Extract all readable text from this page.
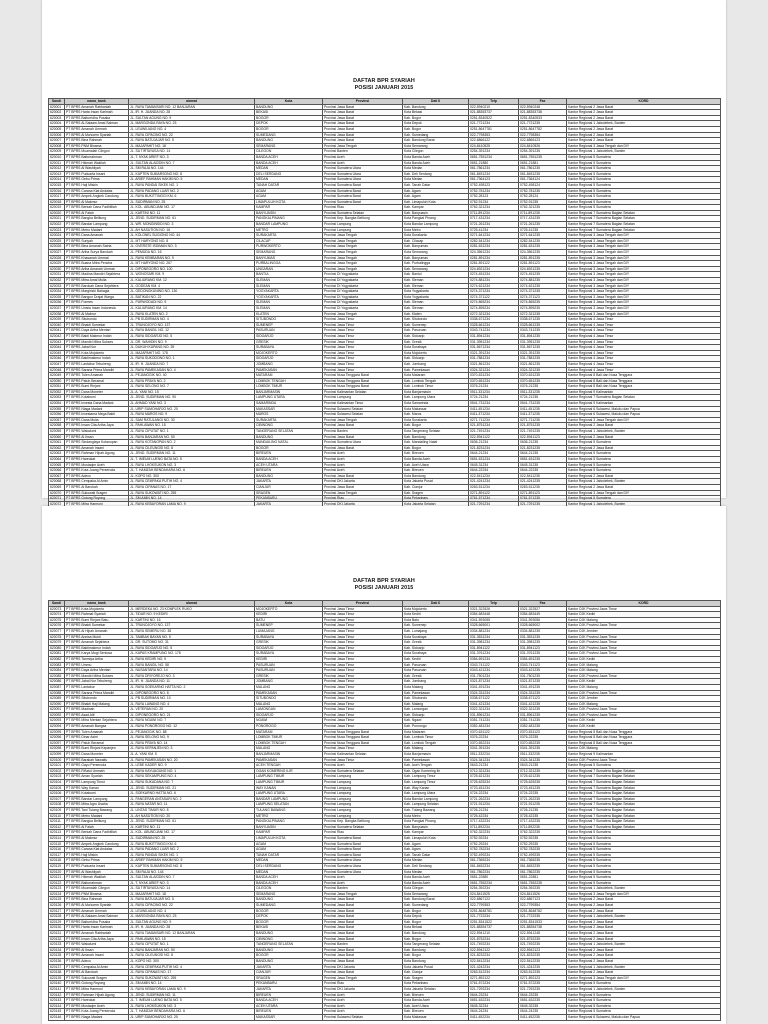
DAFTAR BPR SYARIAH
POSISI JANUARI 2015
Sandi	nama_bank	alamat	Kota	Provinsi	Dati II	Telp	Fax	KORD
620001	PT BPRS Amanah Rabbaniah	JL. RAYA TAMANSARI NO. 12 BANJARAN	BANDUNG	Provinsi Jawa Barat	Kab. Bandung	022-5940210	022-5940248	Kantor Regional 2 Jawa Barat
620002	PT BPRS Harta Insan Karimah	JL. IR. H. JUANDA NO. 28	BEKASI	Provinsi Jawa Barat	Kota Bekasi	021-88353737	021-88353738	Kantor Regional 2 Jawa Barat
620003	PT BPRS Baiturridha Pusaka	JL. SULTAN AGUNG NO. 9	BOGOR	Provinsi Jawa Barat	Kab. Bogor	0251-8340522	0251-8340533	Kantor Regional 2 Jawa Barat
620004	PT BPRS Al-Salaam Amal Salman	JL. MARGONDA RAYA NO. 23	DEPOK	Provinsi Jawa Barat	Kota Depok	021-7721234	021-7721235	Kantor Regional 1 Jabodebek, Banten
620005	PT BPRS Amanah Ummah	JL. LEUWILIANG NO. 4	BOGOR	Provinsi Jawa Barat	Kab. Bogor	0251-8647781	0251-8647782	Kantor Regional 2 Jawa Barat
620006	PT BPRS Al Ma'soem Syariah	JL. RAYA CIPACING NO. 22	SUMEDANG	Provinsi Jawa Barat	Kab. Sumedang	022-7798353	022-7798354	Kantor Regional 2 Jawa Barat
620007	PT BPRS Bina Rahmah	JL. RAYA BATUJAJAR NO. 5	BANDUNG	Provinsi Jawa Barat	Kab. Bandung Barat	022-6866122	022-6866123	Kantor Regional 2 Jawa Barat
620008	PT BPRS PNM Binama	JL. MAJAPAHIT NO. 18	SEMARANG	Provinsi Jawa Tengah	Kota Semarang	024-8410525	024-8410526	Kantor Regional 3 Jawa Tengah dan DIY
620009	PT BPRS Muamalah Cilegon	JL. SA TIRTAYASA NO. 14	CILEGON	Provinsi Banten	Kota Cilegon	0254-391234	0254-391235	Kantor Regional 1 Jabodebek, Banten
620010	PT BPRS Baiturrahman	JL. T. NYAK ARIEF NO. 3	BANDA ACEH	Provinsi Aceh	Kota Banda Aceh	0651-7551234	0651-7551235	Kantor Regional 5 Sumatera
620011	PT BPRS Hikmah Wakilah	JL. SULTAN ALAIDDIN NO. 7	BANDA ACEH	Provinsi Aceh	Kota Banda Aceh	0651-21880	0651-21881	Kantor Regional 5 Sumatera
620012	PT BPRS Al Washliyah	JL. SM RAJA NO. 144	MEDAN	Provinsi Sumatera Utara	Kota Medan	061-7861234	061-7861235	Kantor Regional 5 Sumatera
620013	PT BPRS Puduarta Insani	JL. KAPTEN SUMARSONO NO. 8	DELI SERDANG	Provinsi Sumatera Utara	Kab. Deli Serdang	061-8451234	061-8451235	Kantor Regional 5 Sumatera
620014	PT BPRS Gebu Prima	JL. ARIEF RAHMAN HAKIM NO. 5	MEDAN	Provinsi Sumatera Utara	Kota Medan	061-7364123	061-7364124	Kantor Regional 5 Sumatera
620015	PT BPRS Haji Miskin	JL. RAYA PANDAI SIKEK NO. 1	TANAH DATAR	Provinsi Sumatera Barat	Kab. Tanah Datar	0752-498123	0752-498124	Kantor Regional 5 Sumatera
620016	PT BPRS Carana Kiat Andalas	JL. RAYA PADANG LUAR NO. 2	AGAM	Provinsi Sumatera Barat	Kab. Agam	0752-781234	0752-781235	Kantor Regional 5 Sumatera
620017	PT BPRS Ampek Angkek Candung	JL. RAYA BUKITTINGGI KM. 6	AGAM	Provinsi Sumatera Barat	Kab. Agam	0752-28123	0752-28124	Kantor Regional 5 Sumatera
620018	PT BPRS Al Makmur	JL. SUDIRMAN NO. 25	LIMAPULUH KOTA	Provinsi Sumatera Barat	Kab. Limapuluh Kota	0752-91234	0752-91235	Kantor Regional 5 Sumatera
620019	PT BPRS Berkah Dana Fadhlillah	JL. KOL. ABUNDJANI NO. 17	KAMPAR	Provinsi Riau	Kab. Kampar	0762-321234	0762-321235	Kantor Regional 5 Sumatera
620020	PT BPRS Al Falah	JL. KARTINI NO. 11	BANYUASIN	Provinsi Sumatera Selatan	Kab. Banyuasin	0711-891234	0711-891235	Kantor Regional 7 Sumatera Bagian Selatan
620021	PT BPRS Bangka Belitung	JL. JEND. SUDIRMAN NO. 61	PANGKALPINANG	Provinsi Kep. Bangka Belitung	Kota Pangkal Pinang	0717-431234	0717-431235	Kantor Regional 7 Sumatera Bagian Selatan
620022	PT BPRS Bandar Lampung	JL. WR. MONGINSIDI NO. 3	BANDAR LAMPUNG	Provinsi Lampung	Kota Bandar Lampung	0721-261234	0721-261235	Kantor Regional 7 Sumatera Bagian Selatan
620023	PT BPRS Metro Madani	JL. AH NASUTION NO. 16	METRO	Provinsi Lampung	Kota Metro	0725-41234	0725-41235	Kantor Regional 7 Sumatera Bagian Selatan
620024	PT BPRS Dana Amanah	JL. KOLONEL SUGIONO NO. 44	SURAKARTA	Provinsi Jawa Tengah	Kota Surakarta	0271-641234	0271-641235	Kantor Regional 3 Jawa Tengah dan DIY
620025	PT BPRS Suriyah	JL. MT HARYONO NO. 8	CILACAP	Provinsi Jawa Tengah	Kab. Cilacap	0282-541234	0282-541235	Kantor Regional 3 Jawa Tengah dan DIY
620026	PT BPRS Bina Amanah Satria	JL. OVERSTE ISDIMAN NO. 3	PURWOKERTO	Provinsi Jawa Tengah	Kab. Banyumas	0281-631234	0281-631235	Kantor Regional 3 Jawa Tengah dan DIY
620027	PT BPRS Artha Surya Barokah	JL. PEMUDA NO. 16	SEMARANG	Provinsi Jawa Tengah	Kota Semarang	024-3561234	024-3561235	Kantor Regional 3 Jawa Tengah dan DIY
620028	PT BPRS Khasanah Ummat	JL. RAYA KEMBARAN NO. 9	BANYUMAS	Provinsi Jawa Tengah	Kab. Banyumas	0281-891234	0281-891235	Kantor Regional 3 Jawa Tengah dan DIY
620029	PT BPRS Buana Mitra Perwira	JL. MT HARYONO NO. 267	PURBALINGGA	Provinsi Jawa Tengah	Kab. Purbalingga	0281-891122	0281-891123	Kantor Regional 3 Jawa Tengah dan DIY
620030	PT BPRS Artha Amanah Ummat	JL. DIPONEGORO NO. 100	UNGARAN	Provinsi Jawa Tengah	Kab. Semarang	024-6921234	024-6921235	Kantor Regional 3 Jawa Tengah dan DIY
620031	PT BPRS Madina Mandiri Sejahtera	JL. WONOSARI KM. 9	BANTUL	Provinsi DI Yogyakarta	Kab. Bantul	0274-451234	0274-451235	Kantor Regional 3 Jawa Tengah dan DIY
620032	PT BPRS Mitra Amal Mulia	JL. KALIURANG KM. 12	SLEMAN	Provinsi DI Yogyakarta	Kab. Sleman	0274-881234	0274-881235	Kantor Regional 3 Jawa Tengah dan DIY
620033	PT BPRS Barokah Dana Sejahtera	JL. GODEAN KM. 4	SLEMAN	Provinsi DI Yogyakarta	Kab. Sleman	0274-621234	0274-621235	Kantor Regional 3 Jawa Tengah dan DIY
620034	PT BPRS Margirizki Bahagia	JL. GEDONGKUNING NO. 130	YOGYAKARTA	Provinsi DI Yogyakarta	Kota Yogyakarta	0274-371234	0274-371235	Kantor Regional 3 Jawa Tengah dan DIY
620035	PT BPRS Bangun Drajat Warga	JL. BATIKAN NO. 22	YOGYAKARTA	Provinsi DI Yogyakarta	Kota Yogyakarta	0274-371122	0274-371123	Kantor Regional 3 Jawa Tengah dan DIY
620036	PT BPRS Formes	JL. PURWODADI NO. 9	SLEMAN	Provinsi DI Yogyakarta	Kab. Sleman	0274-865234	0274-865235	Kantor Regional 3 Jawa Tengah dan DIY
620037	PT BPRS Unisia Insan Indonesia	JL. KALIURANG KM. 14	SLEMAN	Provinsi DI Yogyakarta	Kab. Sleman	0274-895234	0274-895235	Kantor Regional 3 Jawa Tengah dan DIY
620038	PT BPRS Al Mabrur	JL. RAYA KLATEN NO. 2	KLATEN	Provinsi Jawa Tengah	Kab. Klaten	0272-321234	0272-321235	Kantor Regional 3 Jawa Tengah dan DIY
620039	PT BPRS Situbondo	JL. PB SUDIRMAN NO. 4	SITUBONDO	Provinsi Jawa Timur	Kab. Situbondo	0338-671234	0338-671235	Kantor Regional 4 Jawa Timur
620040	PT BPRS Bhakti Sumekar	JL. TRUNOJOYO NO. 137	SUMENEP	Provinsi Jawa Timur	Kab. Sumenep	0328-661234	0328-661235	Kantor Regional 4 Jawa Timur
620041	PT BPRS Daya Artha Mentari	JL. RAYA BANGIL NO. 12	PASURUAN	Provinsi Jawa Timur	Kab. Pasuruan	0343-741234	0343-741235	Kantor Regional 4 Jawa Timur
620042	PT BPRS Bakti Makmur Indah	JL. RAYA SIDOARJO NO. 5	SIDOARJO	Provinsi Jawa Timur	Kab. Sidoarjo	031-8941234	031-8941235	Kantor Regional 4 Jawa Timur
620043	PT BPRS Mandiri Mitra Sukses	JL. DR. WAHIDIN NO. 9	GRESIK	Provinsi Jawa Timur	Kab. Gresik	031-3951234	031-3951235	Kantor Regional 4 Jawa Timur
620044	PT BPRS Jabal Nur	JL. DUKUH KUPANG NO. 39	SURABAYA	Provinsi Jawa Timur	Kota Surabaya	031-5671234	031-5671235	Kantor Regional 4 Jawa Timur
620045	PT BPRS Kota Mojokerto	JL. MAJAPAHIT NO. 178	MOJOKERTO	Provinsi Jawa Timur	Kota Mojokerto	0321-391234	0321-391235	Kantor Regional 4 Jawa Timur
620046	PT BPRS Baktimakmur Indah	JL. RAYA SUKODONO NO. 1	SIDOARJO	Provinsi Jawa Timur	Kab. Sidoarjo	031-7881234	031-7881235	Kantor Regional 4 Jawa Timur
620047	PT BPRS Lantabur Tebuireng	JL. IR. H. JUANDA NO. 7	JOMBANG	Provinsi Jawa Timur	Kab. Jombang	0321-861234	0321-861235	Kantor Regional 4 Jawa Timur
620048	PT BPRS Sarana Prima Mandiri	JL. RAYA PAMEKASAN NO. 4	PAMEKASAN	Provinsi Jawa Timur	Kab. Pamekasan	0324-321234	0324-321235	Kantor Regional 4 Jawa Timur
620049	PT BPRS Tulen Amanah	JL. PEJANGGIK NO. 40	MATARAM	Provinsi Nusa Tenggara Barat	Kota Mataram	0370-631234	0370-631235	Kantor Regional 8 Bali dan Nusa Tenggara
620050	PT BPRS Patuh Beramal	JL. RAYA PRAYA NO. 2	LOMBOK TENGAH	Provinsi Nusa Tenggara Barat	Kab. Lombok Tengah	0370-651234	0370-651235	Kantor Regional 8 Bali dan Nusa Tenggara
620051	PT BPRS Bumi Rinjani	JL. RAYA SELONG NO. 7	LOMBOK TIMUR	Provinsi Nusa Tenggara Barat	Kab. Lombok Timur	0376-21234	0376-21235	Kantor Regional 8 Bali dan Nusa Tenggara
620052	PT BPRS Dana Moneter	JL. A. YANI NO. 15	BANJARMASIN	Provinsi Kalimantan Selatan	Kota Banjarmasin	0511-331234	0511-331235	Kantor Regional 9 Kalimantan
620053	PT BPRS Kotabumi	JL. JEND. SUDIRMAN NO. 90	LAMPUNG UTARA	Provinsi Lampung	Kab. Lampung Utara	0724-21234	0724-21235	Kantor Regional 7 Sumatera Bagian Selatan
620054	PT BPRS Investa Dana Madani	JL. AHMAD YANI NO. 3	SAMARINDA	Provinsi Kalimantan Timur	Kota Samarinda	0541-731234	0541-731235	Kantor Regional 9 Kalimantan
620055	PT BPRS Niaga Madani	JL. URIP SUMOHARJO NO. 20	MAKASSAR	Provinsi Sulawesi Selatan	Kota Makassar	0411-451234	0411-451235	Kantor Regional 6 Sulawesi, Maluku dan Papua
620056	PT BPRS Investama Mega Bakti	JL. RAYA MAROS NO. 9	MAROS	Provinsi Sulawesi Selatan	Kab. Maros	0411-371234	0411-371235	Kantor Regional 6 Sulawesi, Maluku dan Papua
620057	PT BPRS Dana Mulia	JL. SAM RATULANGI NO. 30	SURAKARTA	Provinsi Jawa Tengah	Kota Surakarta	0271-711234	0271-711235	Kantor Regional 3 Jawa Tengah dan DIY
620058	PT BPRS Insan Cita Artha Jaya	JL. PAHLAWAN NO. 15	CIBINONG	Provinsi Jawa Barat	Kab. Bogor	021-8751234	021-8751235	Kantor Regional 2 Jawa Barat
620059	PT BPRS Wakalumi	JL. RAYA CIPUTAT NO. 1	TANGERANG SELATAN	Provinsi Banten	Kota Tangerang Selatan	021-7491234	021-7491235	Kantor Regional 1 Jabodebek, Banten
620060	PT BPRS Al Ihsan	JL. RAYA BANJARAN NO. 50	BANDUNG	Provinsi Jawa Barat	Kab. Bandung	022-5941122	022-5941123	Kantor Regional 2 Jawa Barat
620061	PT BPRS Sindanglaya Kotanopan	JL. RAYA KOTANOPAN NO. 2	MANDAILING NATAL	Provinsi Sumatera Utara	Kab. Mandailing Natal	0636-21234	0636-21235	Kantor Regional 5 Sumatera
620062	PT BPRS Amanah Insani	JL. RAYA CILEUNGSI NO. 8	BOGOR	Provinsi Jawa Barat	Kab. Bogor	021-8231234	021-8231235	Kantor Regional 2 Jawa Barat
620063	PT BPRS Rahman Hijrah Agung	JL. JEND. SUDIRMAN NO. 11	BIREUEN	Provinsi Aceh	Kab. Bireuen	0644-21234	0644-21235	Kantor Regional 5 Sumatera
620064	PT BPRS Hareukat	JL. T. IMEUM LUENG BATA NO. 5	BANDA ACEH	Provinsi Aceh	Kota Banda Aceh	0651-631234	0651-631235	Kantor Regional 5 Sumatera
620065	PT BPRS Mustaqim Aceh	JL. RAYA LHOKSUKON NO. 3	ACEH UTARA	Provinsi Aceh	Kab. Aceh Utara	0645-31234	0645-31235	Kantor Regional 5 Sumatera
620066	PT BPRS Kota Juang Perseroda	JL. T. HAMZAH BENDAHARA NO. 6	BIREUEN	Provinsi Aceh	Kab. Bireuen	0644-22234	0644-22235	Kantor Regional 5 Sumatera
620067	PT BPRS Adeco	JL. KOPO NO. 300	BANDUNG	Provinsi Jawa Barat	Kota Bandung	022-5411234	022-5411235	Kantor Regional 2 Jawa Barat
620068	PT BPRS Cempaka Al Amin	JL. RAYA CEMPAKA PUTIH NO. 4	JAKARTA	Provinsi DKI Jakarta	Kota Jakarta Pusat	021-4241234	021-4241235	Kantor Regional 1 Jabodebek, Banten
620069	PT BPRS Al Barokah	JL. RAYA CIPANAS NO. 17	CIANJUR	Provinsi Jawa Barat	Kab. Cianjur	0263-511234	0263-511235	Kantor Regional 2 Jawa Barat
620070	PT BPRS Sukowati Sragen	JL. RAYA SUKOWATI NO. 255	SRAGEN	Provinsi Jawa Tengah	Kab. Sragen	0271-891122	0271-891123	Kantor Regional 3 Jawa Tengah dan DIY
620071	PT BPRS Gotong Royong	JL. SM AMIN NO. 14	PEKANBARU	Provinsi Riau	Kota Pekanbaru	0761-571234	0761-571235	Kantor Regional 5 Sumatera
620072	PT BPRS Mitra Harmoni	JL. RAYA KEBAYORAN LAMA NO. 9	JAKARTA	Provinsi DKI Jakarta	Kota Jakarta Selatan	021-7291234	021-7291235	Kantor Regional 1 Jabodebek, Banten
DAFTAR BPR SYARIAH
POSISI JANUARI 2015
Sandi	nama_bank	alamat	Kota	Provinsi	Dati II	Telp	Fax	KORD
620073	PT BPRS Kota Mojokerto	JL. MERDEKA NO. 23 KOMPLEK RUKO	MOJOKERTO	Provinsi Jawa Timur	Kota Mojokerto	0321-322526	0321-322527	Kantor OJK Provinsi Jawa Timur
620074	PT BPRS Rahmat Syariah	JL. TIDAR NO. 9 KEDIRI	KEDIRI	Provinsi Jawa Timur	Kota Kediri	0354-683448	0354-683449	Kantor OJK Kediri
620075	PT BPRS Bumi Rinjani Batu	JL. KARTINI NO. 16	BATU	Provinsi Jawa Timur	Kota Batu	0341-593055	0341-593056	Kantor OJK Malang
620076	PT BPRS Bhakti Sumekar	JL. TRUNOJOYO NO. 137	SUMENEP	Provinsi Jawa Timur	Kab. Sumenep	0328-665001	0328-665002	Kantor OJK Provinsi Jawa Timur
620077	PT BPRS Al Hijrah Amanah	JL. RAYA SEMERU NO. 38	LUMAJANG	Provinsi Jawa Timur	Kab. Lumajang	0334-881234	0334-881235	Kantor OJK Jember
620078	PT BPRS Annisa Mukti	JL. TAMBAK BAYAN NO. 5	SURABAYA	Provinsi Jawa Timur	Kota Surabaya	031-3531234	031-3531235	Kantor OJK Provinsi Jawa Timur
620079	PT BPRS Amanah Sejahtera	JL. DR. SUTOMO NO. 31	GRESIK	Provinsi Jawa Timur	Kab. Gresik	031-3981234	031-3981235	Kantor OJK Provinsi Jawa Timur
620080	PT BPRS Baktimakmur Indah	JL. RAYA SIDOARJO NO. 5	SIDOARJO	Provinsi Jawa Timur	Kab. Sidoarjo	031-8941122	031-8941123	Kantor OJK Provinsi Jawa Timur
620081	PT BPRS Karya Mugi Sentosa	JL. KAPAS KRAMPUNG NO. 178	SURABAYA	Provinsi Jawa Timur	Kota Surabaya	031-3761234	031-3761235	Kantor OJK Provinsi Jawa Timur
620082	PT BPRS Tanmiya Artha	JL. RAYA KEDIRI NO. 9	KEDIRI	Provinsi Jawa Timur	Kab. Kediri	0354-691234	0354-691235	Kantor OJK Kediri
620083	PT BPRS Ummu	JL. RAYA BANGIL NO. 58	PASURUAN	Provinsi Jawa Timur	Kab. Pasuruan	0343-741122	0343-741123	Kantor OJK Malang
620084	PT BPRS Daya Artha Mentari	JL. NUSANTARA NO. 14	PASURUAN	Provinsi Jawa Timur	Kota Pasuruan	0343-421234	0343-421235	Kantor OJK Malang
620085	PT BPRS Mandiri Mitra Sukses	JL. RAYA DRIYOREJO NO. 3	GRESIK	Provinsi Jawa Timur	Kab. Gresik	031-7501234	031-7501235	Kantor OJK Provinsi Jawa Timur
620086	PT BPRS Jabal Nur Tebuireng	JL. IR. H. JUANDA NO. 11	JOMBANG	Provinsi Jawa Timur	Kab. Jombang	0321-871234	0321-871235	Kantor OJK Kediri
620087	PT BPRS Lantabur	JL. RAYA SOEKARNO HATTA NO. 2	MALANG	Provinsi Jawa Timur	Kota Malang	0341-491234	0341-491235	Kantor OJK Malang
620088	PT BPRS Sarana Prima Mandiri	JL. DIPONEGORO NO. 8	PAMEKASAN	Provinsi Jawa Timur	Kab. Pamekasan	0324-331234	0324-331235	Kantor OJK Provinsi Jawa Timur
620089	PT BPRS Situbondo	JL. PB SUDIRMAN NO. 10	SITUBONDO	Provinsi Jawa Timur	Kab. Situbondo	0338-671122	0338-671123	Kantor OJK Jember
620090	PT BPRS Bhakti Haji Malang	JL. RAYA LAWANG NO. 4	MALANG	Provinsi Jawa Timur	Kab. Malang	0341-421234	0341-421235	Kantor OJK Malang
620091	PT BPRS Madinah	JL. VETERAN NO. 20	LAMONGAN	Provinsi Jawa Timur	Kab. Lamongan	0322-321234	0322-321235	Kantor OJK Provinsi Jawa Timur
620092	PT BPRS Asad Alif	JL. DIPONEGORO NO. 21	SIDOARJO	Provinsi Jawa Timur	Kab. Sidoarjo	031-8961234	031-8961235	Kantor OJK Provinsi Jawa Timur
620093	PT BPRS Mitra Mentari Sejahtera	JL. RAYA NGAWI NO. 7	NGAWI	Provinsi Jawa Timur	Kab. Ngawi	0351-741234	0351-741235	Kantor OJK Kediri
620094	PT BPRS Amanah Bangsa	JL. RAYA PONOROGO NO. 12	PONOROGO	Provinsi Jawa Timur	Kab. Ponorogo	0352-481234	0352-481235	Kantor OJK Kediri
620095	PT BPRS Tulen Amanah	JL. PEJANGGIK NO. 88	MATARAM	Provinsi Nusa Tenggara Barat	Kota Mataram	0370-631122	0370-631123	Kantor Regional 8 Bali dan Nusa Tenggara
620096	PT BPRS Dinar Ashri	JL. RAYA SELONG NO. 9	LOMBOK TIMUR	Provinsi Nusa Tenggara Barat	Kab. Lombok Timur	0376-22234	0376-22235	Kantor Regional 8 Bali dan Nusa Tenggara
620097	PT BPRS Patuh Beramal	JL. RAYA PRAYA NO. 14	LOMBOK TENGAH	Provinsi Nusa Tenggara Barat	Kab. Lombok Tengah	0370-652234	0370-652235	Kantor Regional 8 Bali dan Nusa Tenggara
620098	PT BPRS Bumi Rinjani Kepanjen	JL. RAYA KEPANJEN NO. 3	MALANG	Provinsi Jawa Timur	Kab. Malang	0341-391234	0341-391235	Kantor OJK Malang
620099	PT BPRS Dana Moneter	JL. A. YANI KM. 5	BANJARMASIN	Provinsi Kalimantan Selatan	Kota Banjarmasin	0511-332234	0511-332235	Kantor Regional 9 Kalimantan
620100	PT BPRS Barakah Nawaitu	JL. RAYA PAMEKASAN NO. 20	PAMEKASAN	Provinsi Jawa Timur	Kab. Pamekasan	0324-341234	0324-341235	Kantor OJK Provinsi Jawa Timur
620101	PT BPRS Gayo Perseroda	JL. LEBE KADER NO. 9	ACEH TENGAH	Provinsi Aceh	Kab. Aceh Tengah	0643-21234	0643-21235	Kantor Regional 5 Sumatera
620102	PT BPRS Rif'atul Ummah	JL. RAYA KAYUAGUNG NO. 1	OGAN KOMERING ILIR	Provinsi Sumatera Selatan	Kab. Ogan Komering Ilir	0712-321234	0712-321235	Kantor Regional 7 Sumatera Bagian Selatan
620103	PT BPRS Aman Syariah	JL. RAYA SEKAMPUNG NO. 4	LAMPUNG TIMUR	Provinsi Lampung	Kab. Lampung Timur	0725-621234	0725-621235	Kantor Regional 7 Sumatera Bagian Selatan
620104	PT BPRS Lampung Timur	JL. RAYA SUKADANA NO. 7	LAMPUNG TIMUR	Provinsi Lampung	Kab. Lampung Timur	0725-625234	0725-625235	Kantor Regional 7 Sumatera Bagian Selatan
620105	PT BPRS Way Kanan	JL. JEND. SUDIRMAN NO. 21	WAY KANAN	Provinsi Lampung	Kab. Way Kanan	0723-451234	0723-451235	Kantor Regional 7 Sumatera Bagian Selatan
620106	PT BPRS Kotabumi	JL. SOEKARNO HATTA NO. 6	LAMPUNG UTARA	Provinsi Lampung	Kab. Lampung Utara	0724-22234	0724-22235	Kantor Regional 7 Sumatera Bagian Selatan
620107	PT BPRS Bandar Lampung	JL. PANGERAN ANTASARI NO. 2	BANDAR LAMPUNG	Provinsi Lampung	Kota Bandar Lampung	0721-262234	0721-262235	Kantor Regional 7 Sumatera Bagian Selatan
620108	PT BPRS Mitra Agro Usaha	JL. RAYA NATAR NO. 11	LAMPUNG SELATAN	Provinsi Lampung	Kab. Lampung Selatan	0721-911234	0721-911235	Kantor Regional 7 Sumatera Bagian Selatan
620109	PT BPRS Tani Tulang Bawang	JL. LINTAS TIMUR NO. 8	TULANG BAWANG	Provinsi Lampung	Kab. Tulang Bawang	0726-21234	0726-21235	Kantor Regional 7 Sumatera Bagian Selatan
620110	PT BPRS Metro Madani	JL. AH NASUTION NO. 20	METRO	Provinsi Lampung	Kota Metro	0725-42234	0725-42235	Kantor Regional 7 Sumatera Bagian Selatan
620111	PT BPRS Bangka Belitung	JL. JEND. SUDIRMAN NO. 61	PANGKALPINANG	Provinsi Kep. Bangka Belitung	Kota Pangkal Pinang	0717-432234	0717-432235	Kantor Regional 7 Sumatera Bagian Selatan
620112	PT BPRS Al Falah	JL. KARTINI NO. 11	BANYUASIN	Provinsi Sumatera Selatan	Kab. Banyuasin	0711-892234	0711-892235	Kantor Regional 7 Sumatera Bagian Selatan
620113	PT BPRS Berkah Dana Fadhlillah	JL. KOL. ABUNDJANI NO. 17	KAMPAR	Provinsi Riau	Kab. Kampar	0762-322234	0762-322235	Kantor Regional 5 Sumatera
620114	PT BPRS Al Makmur	JL. SUDIRMAN NO. 25	LIMAPULUH KOTA	Provinsi Sumatera Barat	Kab. Limapuluh Kota	0752-92234	0752-92235	Kantor Regional 5 Sumatera
620115	PT BPRS Ampek Angkek Candung	JL. RAYA BUKITTINGGI KM. 6	AGAM	Provinsi Sumatera Barat	Kab. Agam	0752-29234	0752-29235	Kantor Regional 5 Sumatera
620116	PT BPRS Carana Kiat Andalas	JL. RAYA PADANG LUAR NO. 2	AGAM	Provinsi Sumatera Barat	Kab. Agam	0752-782234	0752-782235	Kantor Regional 5 Sumatera
620117	PT BPRS Haji Miskin	JL. RAYA PANDAI SIKEK NO. 1	TANAH DATAR	Provinsi Sumatera Barat	Kab. Tanah Datar	0752-499234	0752-499235	Kantor Regional 5 Sumatera
620118	PT BPRS Gebu Prima	JL. ARIEF RAHMAN HAKIM NO. 5	MEDAN	Provinsi Sumatera Utara	Kota Medan	061-7365234	061-7365235	Kantor Regional 5 Sumatera
620119	PT BPRS Puduarta Insani	JL. KAPTEN SUMARSONO NO. 8	DELI SERDANG	Provinsi Sumatera Utara	Kab. Deli Serdang	061-8452234	061-8452235	Kantor Regional 5 Sumatera
620120	PT BPRS Al Washliyah	JL. SM RAJA NO. 144	MEDAN	Provinsi Sumatera Utara	Kota Medan	061-7862234	061-7862235	Kantor Regional 5 Sumatera
620121	PT BPRS Hikmah Wakilah	JL. SULTAN ALAIDDIN NO. 7	BANDA ACEH	Provinsi Aceh	Kota Banda Aceh	0651-22880	0651-22881	Kantor Regional 5 Sumatera
620122	PT BPRS Baiturrahman	JL. T. NYAK ARIEF NO. 3	BANDA ACEH	Provinsi Aceh	Kota Banda Aceh	0651-7552234	0651-7552235	Kantor Regional 5 Sumatera
620123	PT BPRS Muamalah Cilegon	JL. SA TIRTAYASA NO. 14	CILEGON	Provinsi Banten	Kota Cilegon	0254-392234	0254-392235	Kantor Regional 1 Jabodebek, Banten
620124	PT BPRS PNM Binama	JL. MAJAPAHIT NO. 18	SEMARANG	Provinsi Jawa Tengah	Kota Semarang	024-8411525	024-8411526	Kantor Regional 3 Jawa Tengah dan DIY
620125	PT BPRS Bina Rahmah	JL. RAYA BATUJAJAR NO. 5	BANDUNG	Provinsi Jawa Barat	Kab. Bandung Barat	022-6867122	022-6867123	Kantor Regional 2 Jawa Barat
620126	PT BPRS Al Ma'soem Syariah	JL. RAYA CIPACING NO. 22	SUMEDANG	Provinsi Jawa Barat	Kab. Sumedang	022-7799353	022-7799354	Kantor Regional 2 Jawa Barat
620127	PT BPRS Amanah Ummah	JL. LEUWILIANG NO. 4	BOGOR	Provinsi Jawa Barat	Kab. Bogor	0251-8648781	0251-8648782	Kantor Regional 2 Jawa Barat
620128	PT BPRS Al-Salaam Amal Salman	JL. MARGONDA RAYA NO. 23	DEPOK	Provinsi Jawa Barat	Kota Depok	021-7722234	021-7722235	Kantor Regional 1 Jabodebek, Banten
620129	PT BPRS Baiturridha Pusaka	JL. SULTAN AGUNG NO. 9	BOGOR	Provinsi Jawa Barat	Kab. Bogor	0251-8341522	0251-8341533	Kantor Regional 2 Jawa Barat
620130	PT BPRS Harta Insan Karimah	JL. IR. H. JUANDA NO. 28	BEKASI	Provinsi Jawa Barat	Kota Bekasi	021-88354737	021-88354738	Kantor Regional 2 Jawa Barat
620131	PT BPRS Amanah Rabbaniah	JL. RAYA TAMANSARI NO. 12 BANJARAN	BANDUNG	Provinsi Jawa Barat	Kab. Bandung	022-5941210	022-5941248	Kantor Regional 2 Jawa Barat
620132	PT BPRS Insan Cita Artha Jaya	JL. PAHLAWAN NO. 15	CIBINONG	Provinsi Jawa Barat	Kab. Bogor	021-8752234	021-8752235	Kantor Regional 2 Jawa Barat
620133	PT BPRS Wakalumi	JL. RAYA CIPUTAT NO. 1	TANGERANG SELATAN	Provinsi Banten	Kota Tangerang Selatan	021-7492234	021-7492235	Kantor Regional 1 Jabodebek, Banten
620134	PT BPRS Al Ihsan	JL. RAYA BANJARAN NO. 50	BANDUNG	Provinsi Jawa Barat	Kab. Bandung	022-5942122	022-5942123	Kantor Regional 2 Jawa Barat
620135	PT BPRS Amanah Insani	JL. RAYA CILEUNGSI NO. 8	BOGOR	Provinsi Jawa Barat	Kab. Bogor	021-8232234	021-8232235	Kantor Regional 2 Jawa Barat
620136	PT BPRS Adeco	JL. KOPO NO. 300	BANDUNG	Provinsi Jawa Barat	Kota Bandung	022-5412234	022-5412235	Kantor Regional 2 Jawa Barat
620137	PT BPRS Cempaka Al Amin	JL. RAYA CEMPAKA PUTIH NO. 4	JAKARTA	Provinsi DKI Jakarta	Kota Jakarta Pusat	021-4242234	021-4242235	Kantor Regional 1 Jabodebek, Banten
620138	PT BPRS Al Barokah	JL. RAYA CIPANAS NO. 17	CIANJUR	Provinsi Jawa Barat	Kab. Cianjur	0263-512234	0263-512235	Kantor Regional 2 Jawa Barat
620139	PT BPRS Sukowati Sragen	JL. RAYA SUKOWATI NO. 255	SRAGEN	Provinsi Jawa Tengah	Kab. Sragen	0271-892122	0271-892123	Kantor Regional 3 Jawa Tengah dan DIY
620140	PT BPRS Gotong Royong	JL. SM AMIN NO. 14	PEKANBARU	Provinsi Riau	Kota Pekanbaru	0761-572234	0761-572235	Kantor Regional 5 Sumatera
620141	PT BPRS Mitra Harmoni	JL. RAYA KEBAYORAN LAMA NO. 9	JAKARTA	Provinsi DKI Jakarta	Kota Jakarta Selatan	021-7292234	021-7292235	Kantor Regional 1 Jabodebek, Banten
620142	PT BPRS Rahman Hijrah Agung	JL. JEND. SUDIRMAN NO. 11	BIREUEN	Provinsi Aceh	Kab. Bireuen	0644-23234	0644-23235	Kantor Regional 5 Sumatera
620143	PT BPRS Hareukat	JL. T. IMEUM LUENG BATA NO. 5	BANDA ACEH	Provinsi Aceh	Kota Banda Aceh	0651-632234	0651-632235	Kantor Regional 5 Sumatera
620144	PT BPRS Mustaqim Aceh	JL. RAYA LHOKSUKON NO. 3	ACEH UTARA	Provinsi Aceh	Kab. Aceh Utara	0645-32234	0645-32235	Kantor Regional 5 Sumatera
620145	PT BPRS Kota Juang Perseroda	JL. T. HAMZAH BENDAHARA NO. 6	BIREUEN	Provinsi Aceh	Kab. Bireuen	0644-24234	0644-24235	Kantor Regional 5 Sumatera
620146	PT BPRS Niaga Madani	JL. URIP SUMOHARJO NO. 20	MAKASSAR	Provinsi Sulawesi Selatan	Kota Makassar	0411-452234	0411-452235	Kantor Regional 6 Sulawesi, Maluku dan Papua
